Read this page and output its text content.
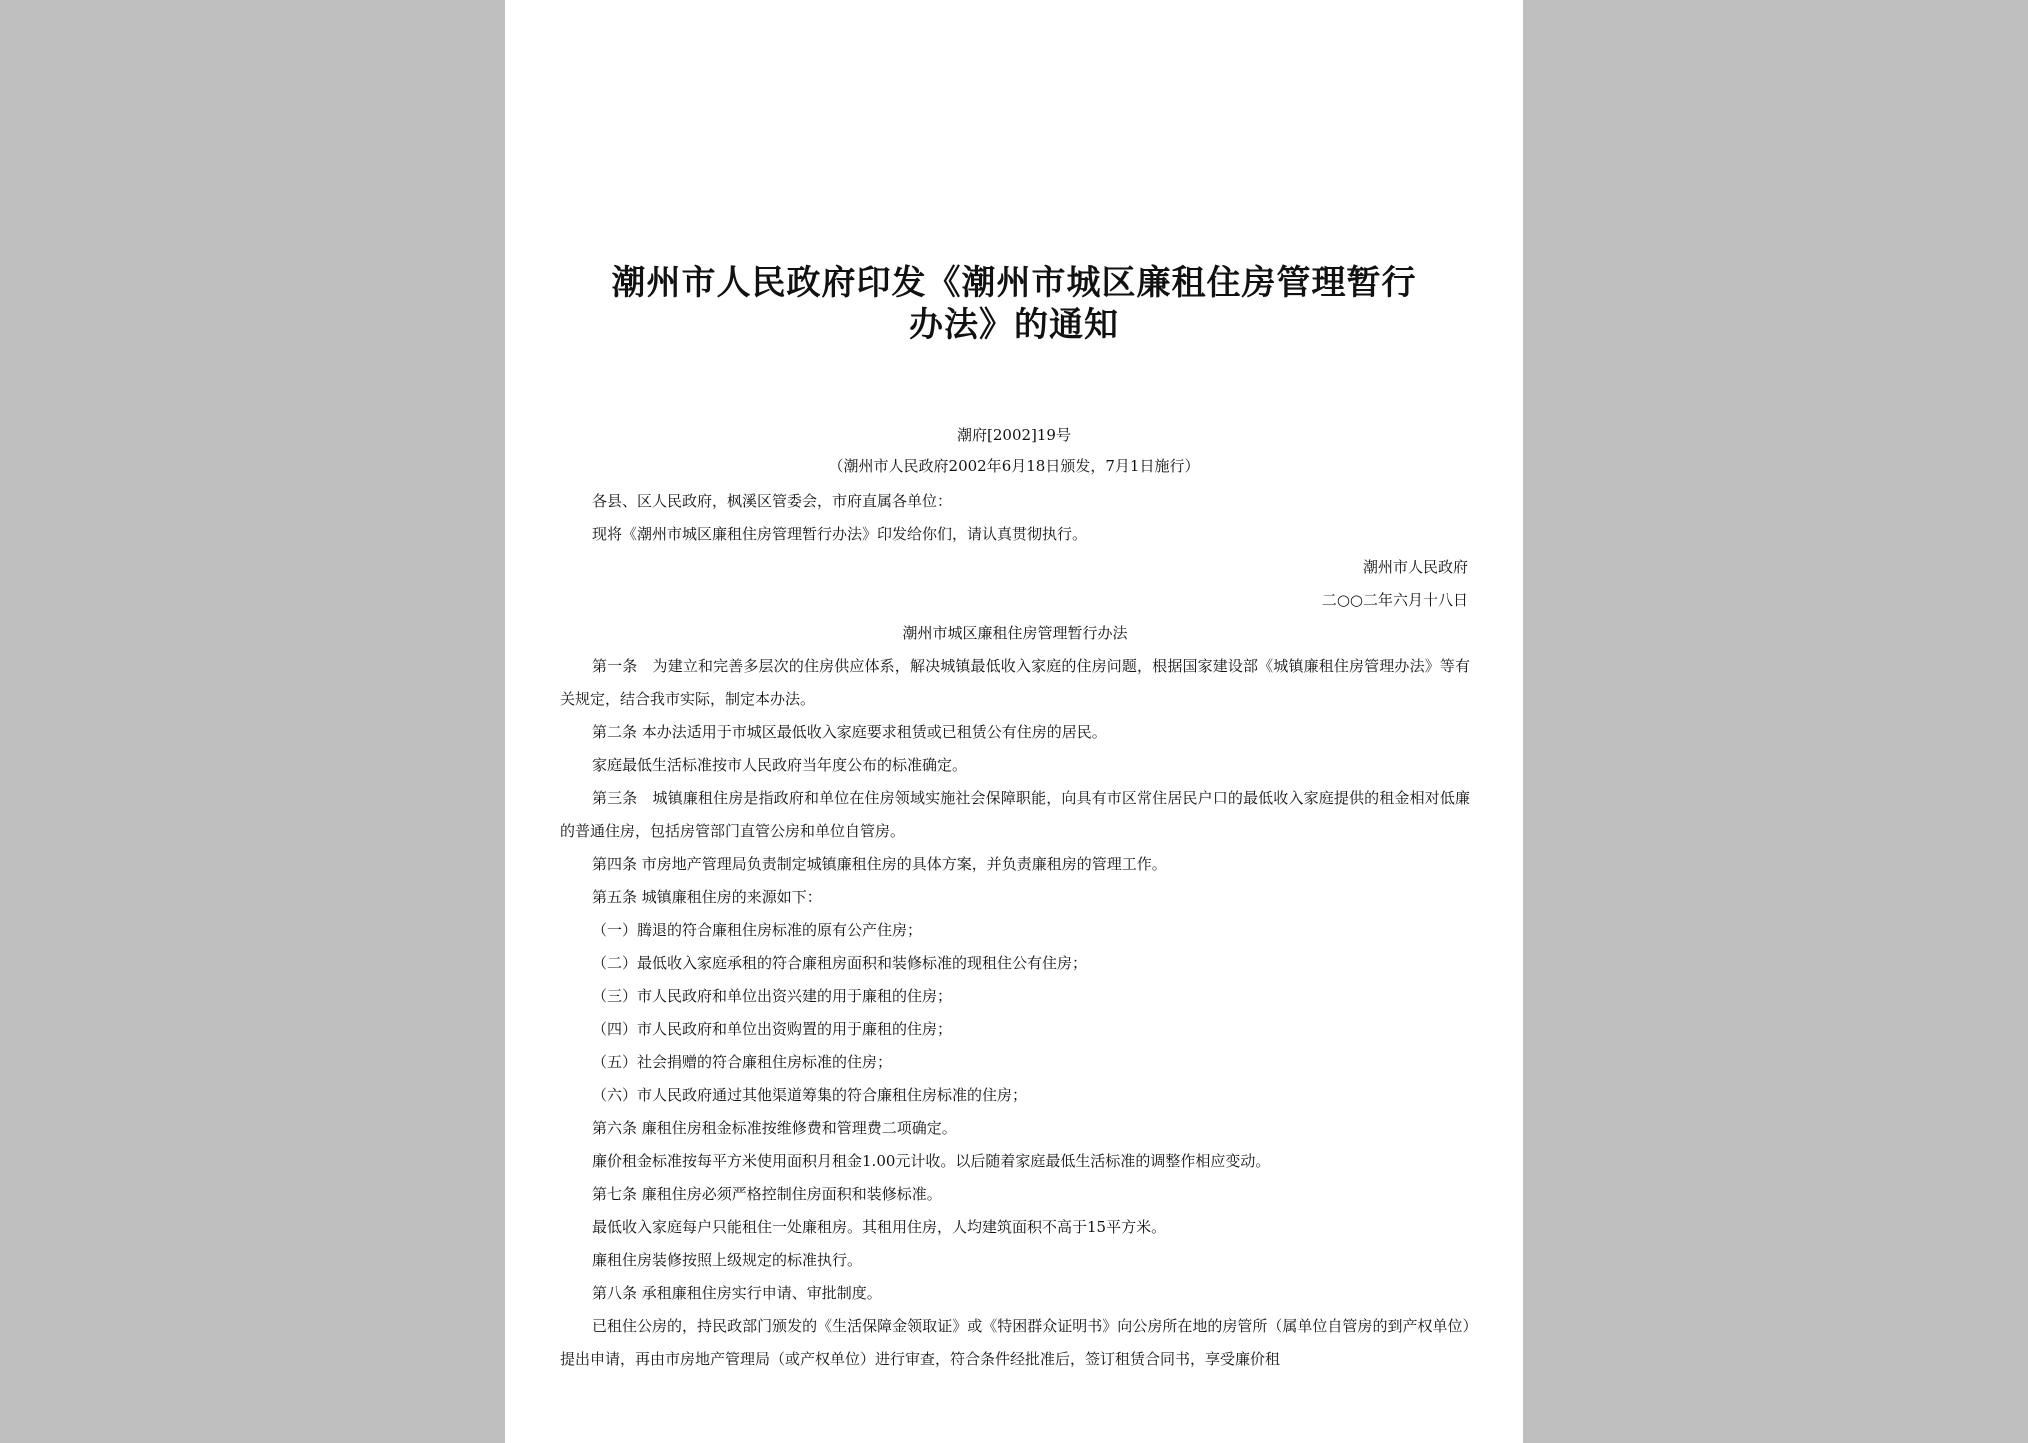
潮州市人民政府印发《潮州市城区廉租住房管理暂行
办法》的通知
潮府[2002]19号
（潮州市人民政府2002年6月18日颁发，7月1日施行）
各县、区人民政府，枫溪区管委会，市府直属各单位：
现将《潮州市城区廉租住房管理暂行办法》印发给你们，请认真贯彻执行。
潮州市人民政府
二○○二年六月十八日
潮州市城区廉租住房管理暂行办法
第一条　为建立和完善多层次的住房供应体系，解决城镇最低收入家庭的住房问题，根据国家建设部《城镇廉租住房管理办法》等有关规定，结合我市实际，制定本办法。
第二条 本办法适用于市城区最低收入家庭要求租赁或已租赁公有住房的居民。
家庭最低生活标准按市人民政府当年度公布的标准确定。
第三条　城镇廉租住房是指政府和单位在住房领域实施社会保障职能，向具有市区常住居民户口的最低收入家庭提供的租金相对低廉的普通住房，包括房管部门直管公房和单位自管房。
第四条 市房地产管理局负责制定城镇廉租住房的具体方案，并负责廉租房的管理工作。
第五条 城镇廉租住房的来源如下：
（一）腾退的符合廉租住房标准的原有公产住房；
（二）最低收入家庭承租的符合廉租房面积和装修标准的现租住公有住房；
（三）市人民政府和单位出资兴建的用于廉租的住房；
（四）市人民政府和单位出资购置的用于廉租的住房；
（五）社会捐赠的符合廉租住房标准的住房；
（六）市人民政府通过其他渠道筹集的符合廉租住房标准的住房；
第六条 廉租住房租金标准按维修费和管理费二项确定。
廉价租金标准按每平方米使用面积月租金1.00元计收。以后随着家庭最低生活标准的调整作相应变动。
第七条 廉租住房必须严格控制住房面积和装修标准。
最低收入家庭每户只能租住一处廉租房。其租用住房，人均建筑面积不高于15平方米。
廉租住房装修按照上级规定的标准执行。
第八条 承租廉租住房实行申请、审批制度。
已租住公房的，持民政部门颁发的《生活保障金领取证》或《特困群众证明书》向公房所在地的房管所（属单位自管房的到产权单位）提出申请，再由市房地产管理局（或产权单位）进行审查，符合条件经批准后，签订租赁合同书，享受廉价租
